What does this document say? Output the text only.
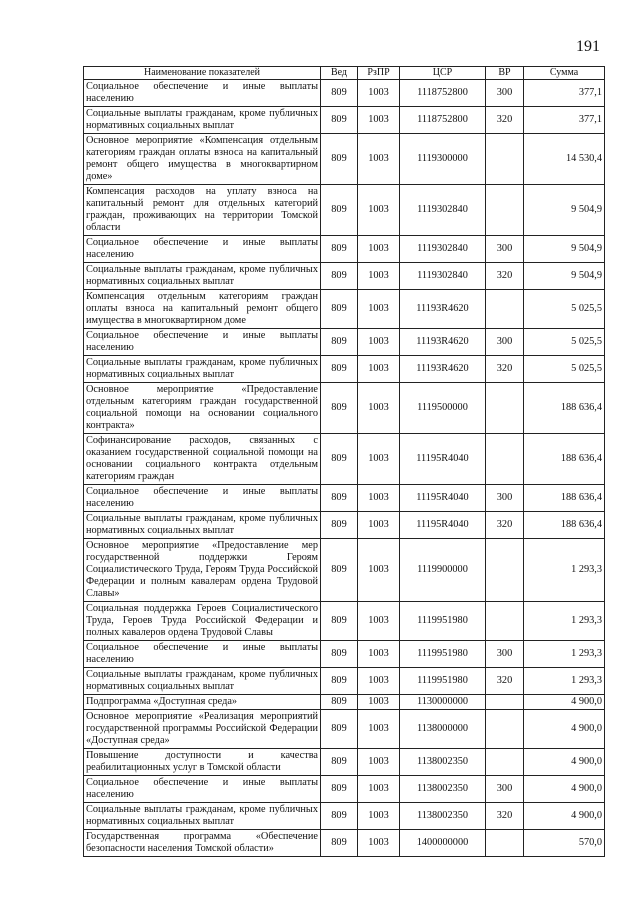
191
Наименование показателей	Вед	РзПР	ЦСР	ВР	Сумма
Социальное обеспечение и иные выплаты населению	809	1003	1118752800	300	377,1
Социальные выплаты гражданам, кроме публичных нормативных социальных выплат	809	1003	1118752800	320	377,1
Основное мероприятие «Компенсация отдельным категориям граждан оплаты взноса на капитальный ремонт общего имущества в многоквартирном доме»	809	1003	1119300000		14 530,4
Компенсация расходов на уплату взноса на капитальный ремонт для отдельных категорий граждан, проживающих на территории Томской области	809	1003	1119302840		9 504,9
Социальное обеспечение и иные выплаты населению	809	1003	1119302840	300	9 504,9
Социальные выплаты гражданам, кроме публичных нормативных социальных выплат	809	1003	1119302840	320	9 504,9
Компенсация отдельным категориям граждан оплаты взноса на капитальный ремонт общего имущества в многоквартирном доме	809	1003	11193R4620		5 025,5
Социальное обеспечение и иные выплаты населению	809	1003	11193R4620	300	5 025,5
Социальные выплаты гражданам, кроме публичных нормативных социальных выплат	809	1003	11193R4620	320	5 025,5
Основное мероприятие «Предоставление отдельным категориям граждан государственной социальной помощи на основании социального контракта»	809	1003	1119500000		188 636,4
Софинансирование расходов, связанных с оказанием государственной социальной помощи на основании социального контракта отдельным категориям граждан	809	1003	11195R4040		188 636,4
Социальное обеспечение и иные выплаты населению	809	1003	11195R4040	300	188 636,4
Социальные выплаты гражданам, кроме публичных нормативных социальных выплат	809	1003	11195R4040	320	188 636,4
Основное мероприятие «Предоставление мер государственной поддержки Героям Социалистического Труда, Героям Труда Российской Федерации и полным кавалерам ордена Трудовой Славы»	809	1003	1119900000		1 293,3
Социальная поддержка Героев Социалистического Труда, Героев Труда Российской Федерации и полных кавалеров ордена Трудовой Славы	809	1003	1119951980		1 293,3
Социальное обеспечение и иные выплаты населению	809	1003	1119951980	300	1 293,3
Социальные выплаты гражданам, кроме публичных нормативных социальных выплат	809	1003	1119951980	320	1 293,3
Подпрограмма «Доступная среда»	809	1003	1130000000		4 900,0
Основное мероприятие «Реализация мероприятий государственной программы Российской Федерации «Доступная среда»	809	1003	1138000000		4 900,0
Повышение доступности и качества реабилитационных услуг в Томской области	809	1003	1138002350		4 900,0
Социальное обеспечение и иные выплаты населению	809	1003	1138002350	300	4 900,0
Социальные выплаты гражданам, кроме публичных нормативных социальных выплат	809	1003	1138002350	320	4 900,0
Государственная программа «Обеспечение безопасности населения Томской области»	809	1003	1400000000		570,0
